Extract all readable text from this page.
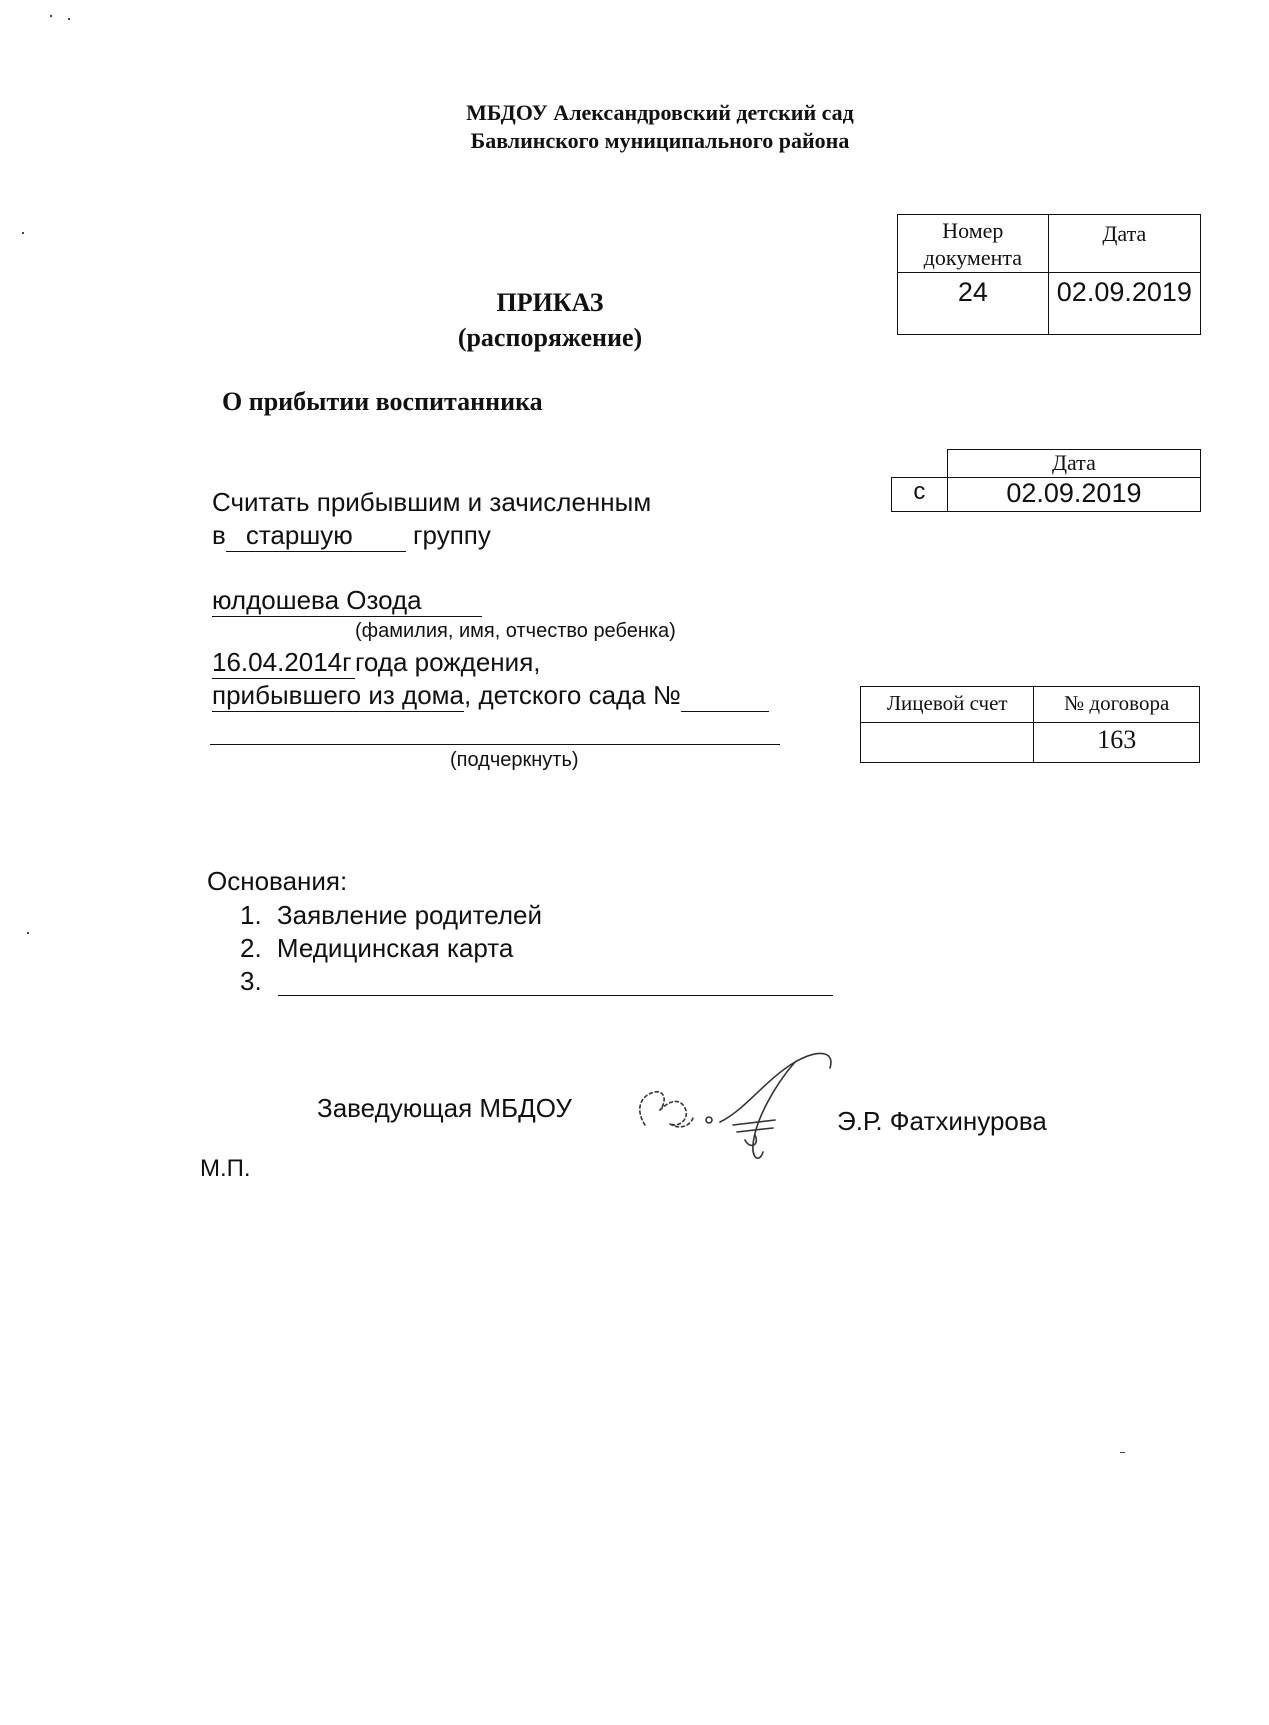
МБДОУ Александровский детский сад
Бавлинского муниципального района
Номер документа	Дата
24	02.09.2019
ПРИКАЗ
(распоряжение)
О прибытии воспитанника
	Дата
с	02.09.2019
Считать прибывшим и зачисленным
в старшую группу
юлдошева Озода
(фамилия, имя, отчество ребенка)
16.04.2014г года рождения,
прибывшего из дома, детского сада №
(подчеркнуть)
Лицевой счет	№ договора
	163
Основания:
1. Заявление родителей
2. Медицинская карта
3.
Заведующая МБДОУ	Э.Р. Фатхинурова
М.П.
